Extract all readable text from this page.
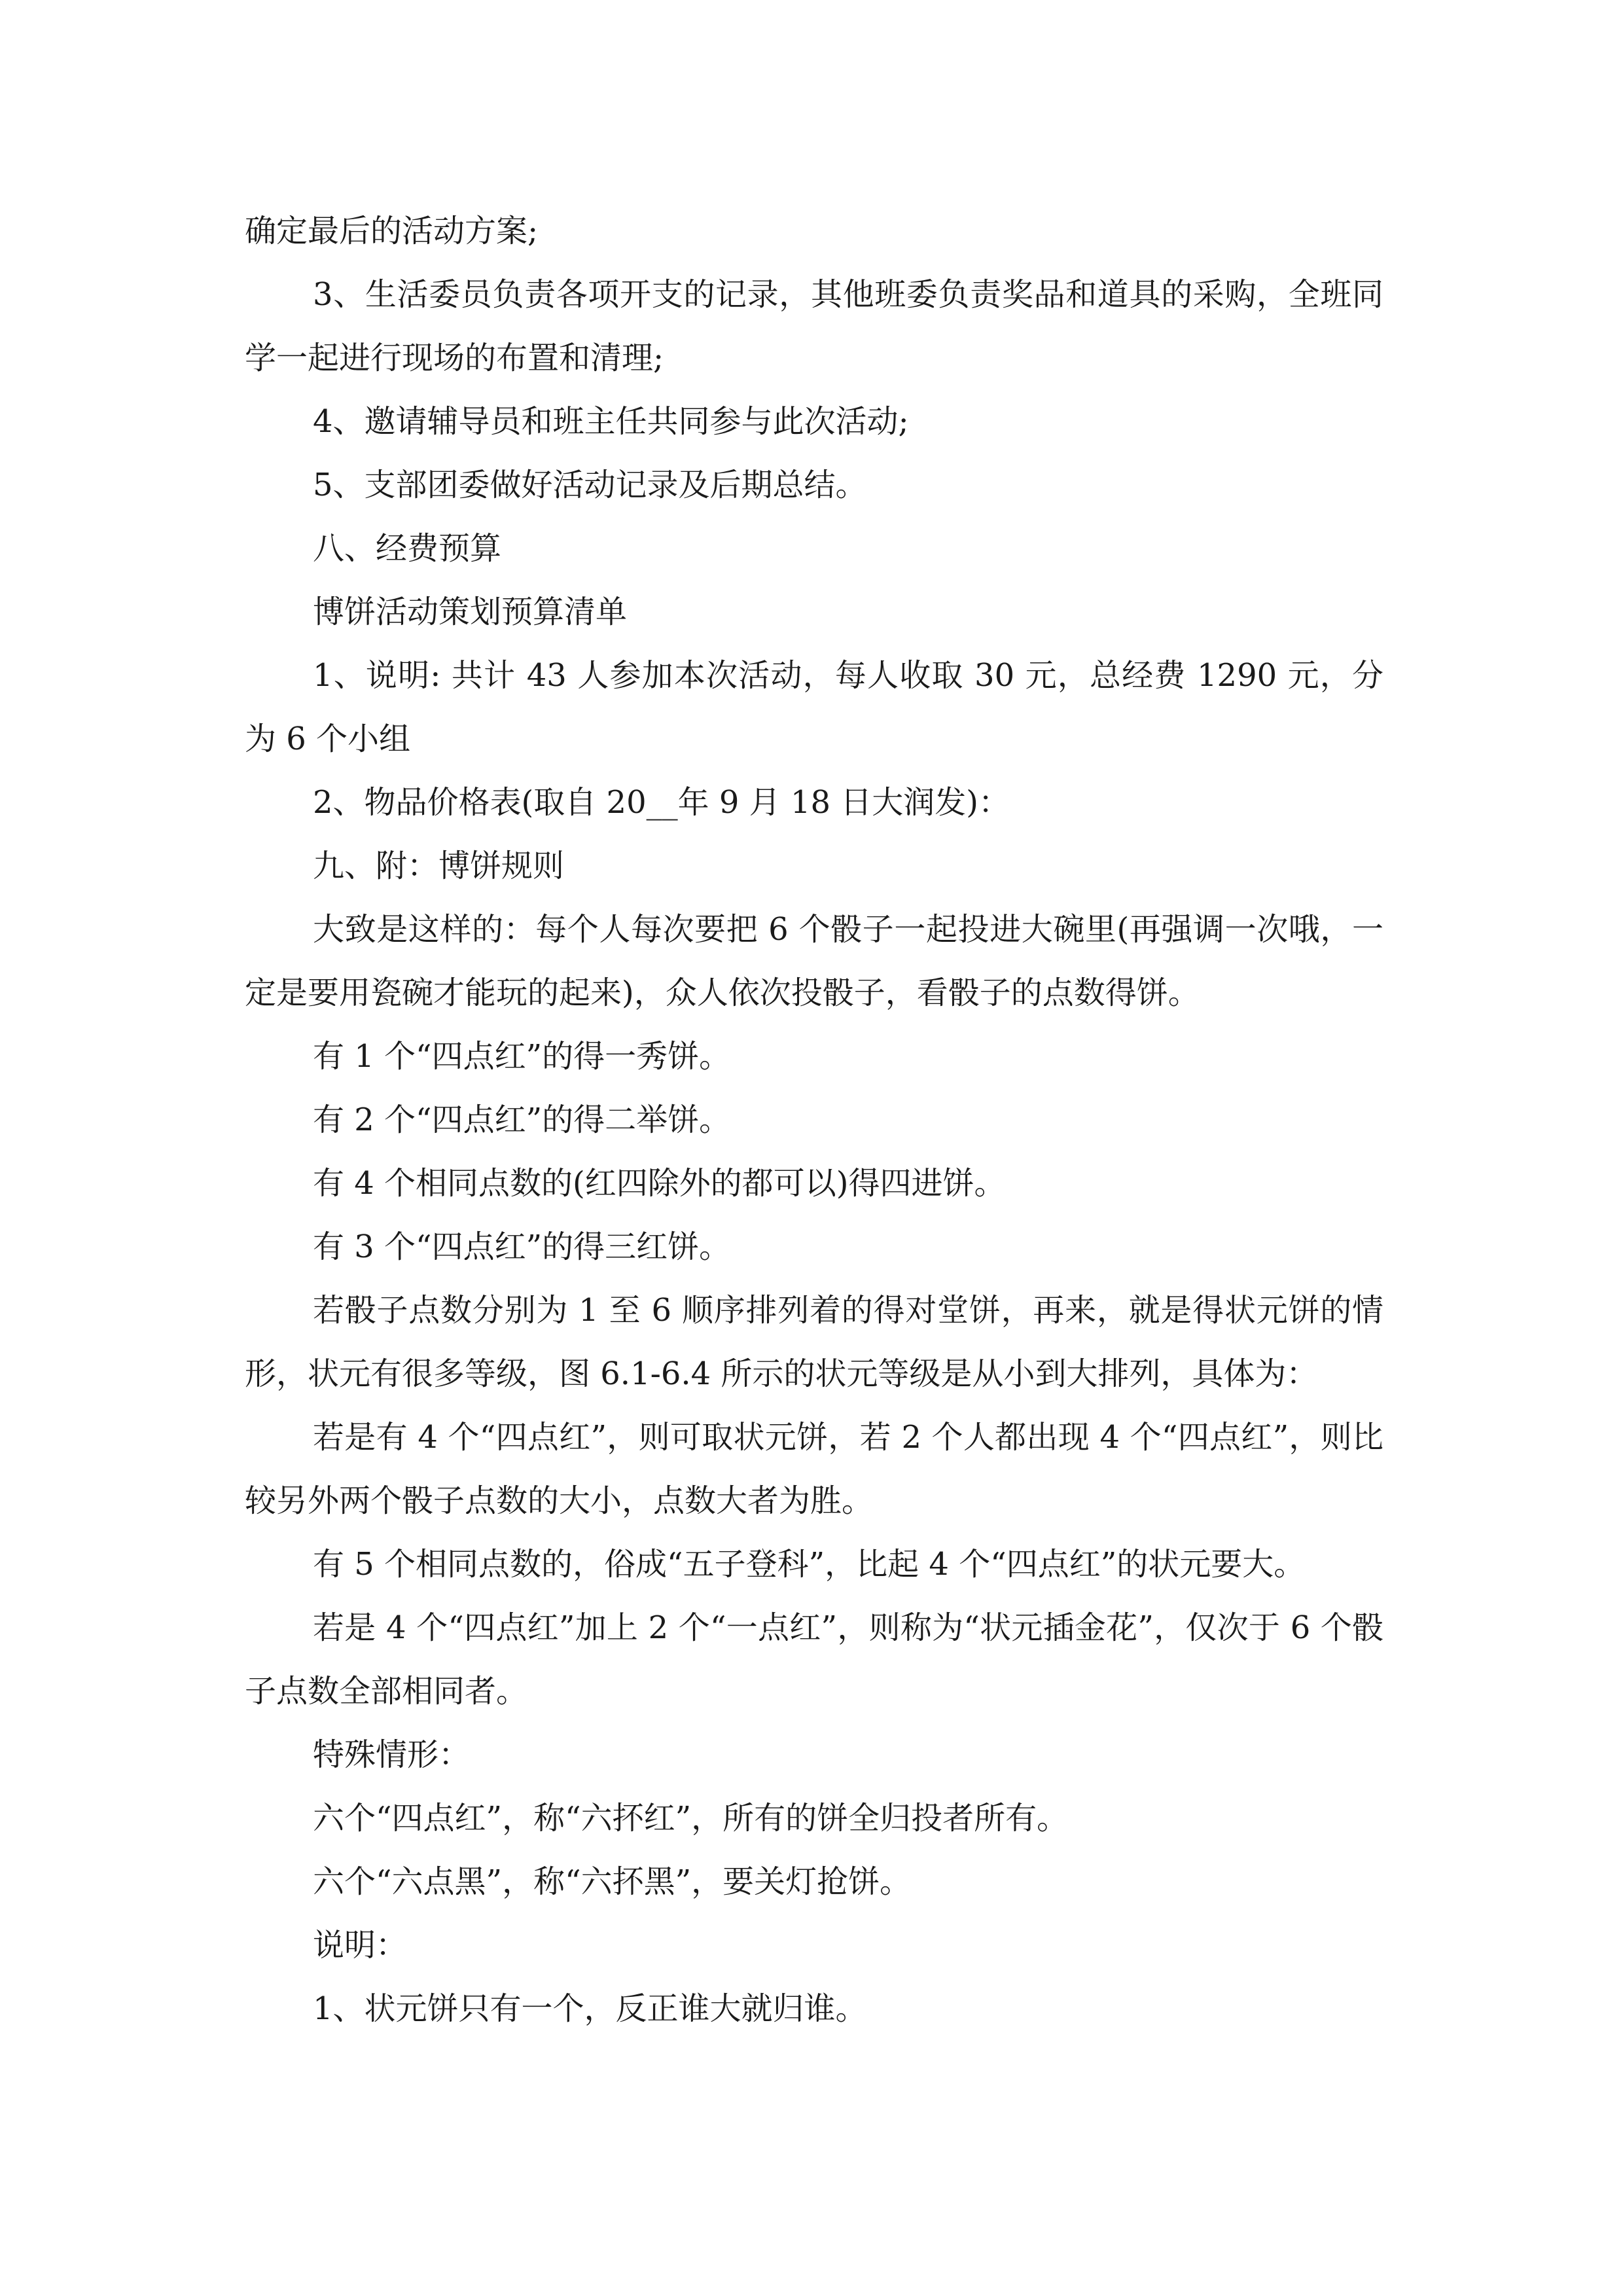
确定最后的活动方案;

3、生活委员负责各项开支的记录，其他班委负责奖品和道具的采购，全班同学一起进行现场的布置和清理;

4、邀请辅导员和班主任共同参与此次活动;

5、支部团委做好活动记录及后期总结。

八、经费预算

博饼活动策划预算清单

1、说明: 共计 43 人参加本次活动，每人收取 30 元，总经费 1290 元，分为 6 个小组

2、物品价格表(取自 20__年 9 月 18 日大润发)：

九、附：博饼规则

大致是这样的：每个人每次要把 6 个骰子一起投进大碗里(再强调一次哦，一定是要用瓷碗才能玩的起来)，众人依次投骰子，看骰子的点数得饼。

有 1 个“四点红”的得一秀饼。

有 2 个“四点红”的得二举饼。

有 4 个相同点数的(红四除外的都可以)得四进饼。

有 3 个“四点红”的得三红饼。

若骰子点数分别为 1 至 6 顺序排列着的得对堂饼，再来，就是得状元饼的情形，状元有很多等级，图 6.1-6.4 所示的状元等级是从小到大排列，具体为：

若是有 4 个“四点红”，则可取状元饼，若 2 个人都出现 4 个“四点红”，则比较另外两个骰子点数的大小，点数大者为胜。

有 5 个相同点数的，俗成“五子登科”，比起 4 个“四点红”的状元要大。

若是 4 个“四点红”加上 2 个“一点红”，则称为“状元插金花”，仅次于 6 个骰子点数全部相同者。

特殊情形：

六个“四点红”，称“六抔红”，所有的饼全归投者所有。

六个“六点黑”，称“六抔黑”，要关灯抢饼。

说明：

1、状元饼只有一个，反正谁大就归谁。
